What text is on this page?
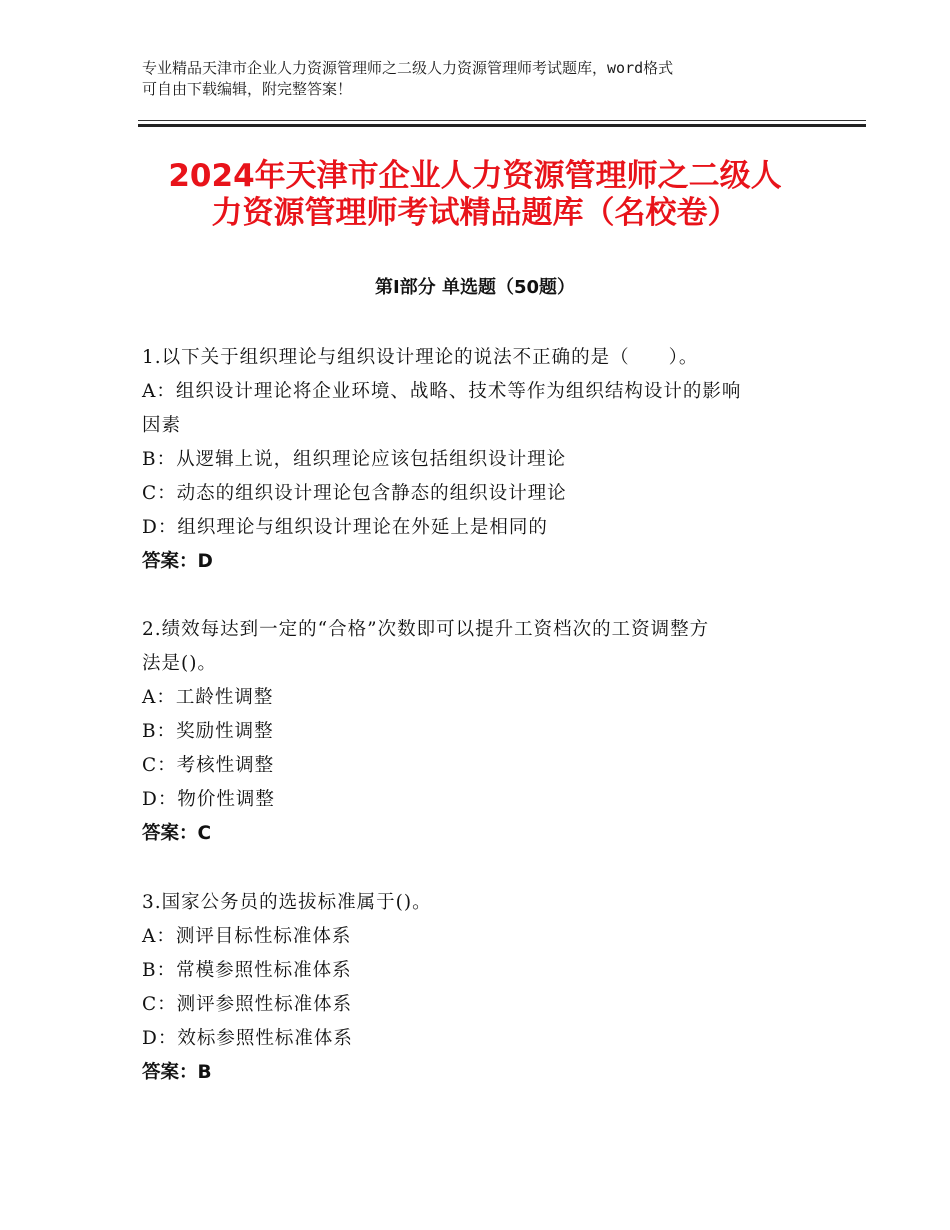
专业精品天津市企业人力资源管理师之二级人力资源管理师考试题库，word格式
可自由下载编辑，附完整答案！
2024年天津市企业人力资源管理师之二级人
力资源管理师考试精品题库（名校卷）
第Ⅰ部分 单选题（50题）

1.以下关于组织理论与组织设计理论的说法不正确的是（　　）。

A：组织设计理论将企业环境、战略、技术等作为组织结构设计的影响

因素

B：从逻辑上说，组织理论应该包括组织设计理论

C：动态的组织设计理论包含静态的组织设计理论

D：组织理论与组织设计理论在外延上是相同的

答案：D

2.绩效每达到一定的“合格”次数即可以提升工资档次的工资调整方

法是()。

A：工龄性调整

B：奖励性调整

C：考核性调整

D：物价性调整

答案：C

3.国家公务员的选拔标准属于()。

A：测评目标性标准体系

B：常模参照性标准体系

C：测评参照性标准体系

D：效标参照性标准体系

答案：B
